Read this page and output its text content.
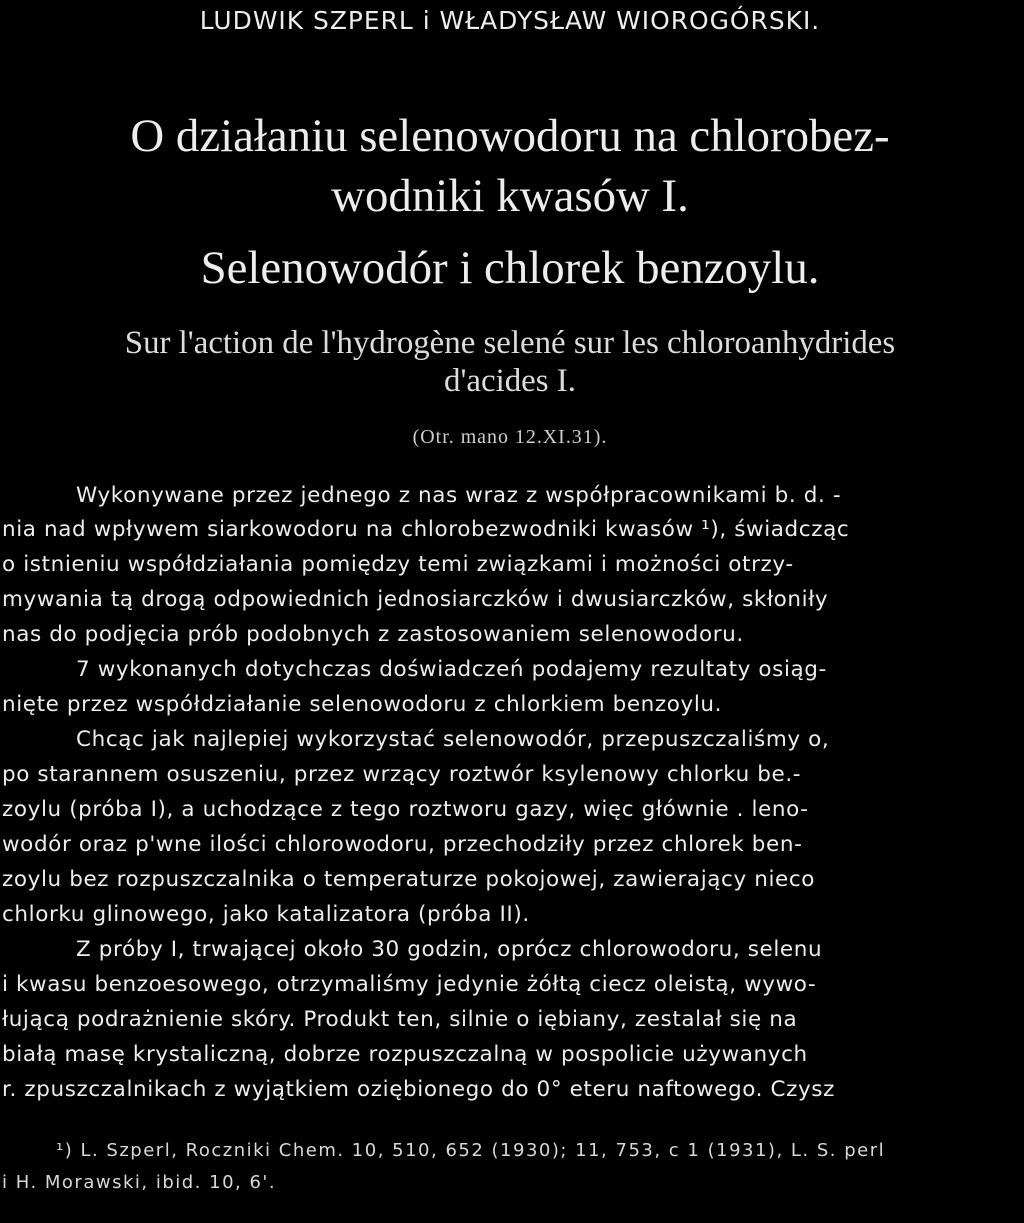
LUDWIK SZPERL i WŁADYSŁAW WIOROGÓRSKI.
O działaniu selenowodoru na chlorobez-
wodniki kwasów I.
Selenowodór i chlorek benzoylu.
Sur l'action de l'hydrogène selené sur les chloroanhydrides
d'acides I.
(Otr. mano 12.XI.31).
Wykonywane przez jednego z nas wraz z współpracownikami b. d. -
nia nad wpływem siarkowodoru na chlorobezwodniki kwasów ¹), świadcząc
o istnieniu współdziałania pomiędzy temi związkami i możności otrzy-
mywania tą drogą odpowiednich jednosiarczków i dwusiarczków, skłoniły
nas do podjęcia prób podobnych z zastosowaniem selenowodoru.
7 wykonanych dotychczas doświadczeń podajemy rezultaty osiąg-
nięte przez współdziałanie selenowodoru z chlorkiem benzoylu.
Chcąc jak najlepiej wykorzystać selenowodór, przepuszczaliśmy o,
po starannem osuszeniu, przez wrzący roztwór ksylenowy chlorku be.-
zoylu (próba I), a uchodzące z tego roztworu gazy, więc głównie . leno-
wodór oraz p'wne ilości chlorowodoru, przechodziły przez chlorek ben-
zoylu bez rozpuszczalnika o temperaturze pokojowej, zawierający nieco
chlorku glinowego, jako katalizatora (próba II).
Z próby I, trwającej około 30 godzin, oprócz chlorowodoru, selenu
i kwasu benzoesowego, otrzymaliśmy jedynie żółtą ciecz oleistą, wywo-
łującą podrażnienie skóry. Produkt ten, silnie o iębiany, zestalał się na
białą masę krystaliczną, dobrze rozpuszczalną w pospolicie używanych
r. zpuszczalnikach z wyjątkiem oziębionego do 0° eteru naftowego. Czysz
¹) L. Szperl, Roczniki Chem. 10, 510, 652 (1930); 11, 753, c 1 (1931), L. S. perl
i H. Morawski, ibid. 10, 6'.
